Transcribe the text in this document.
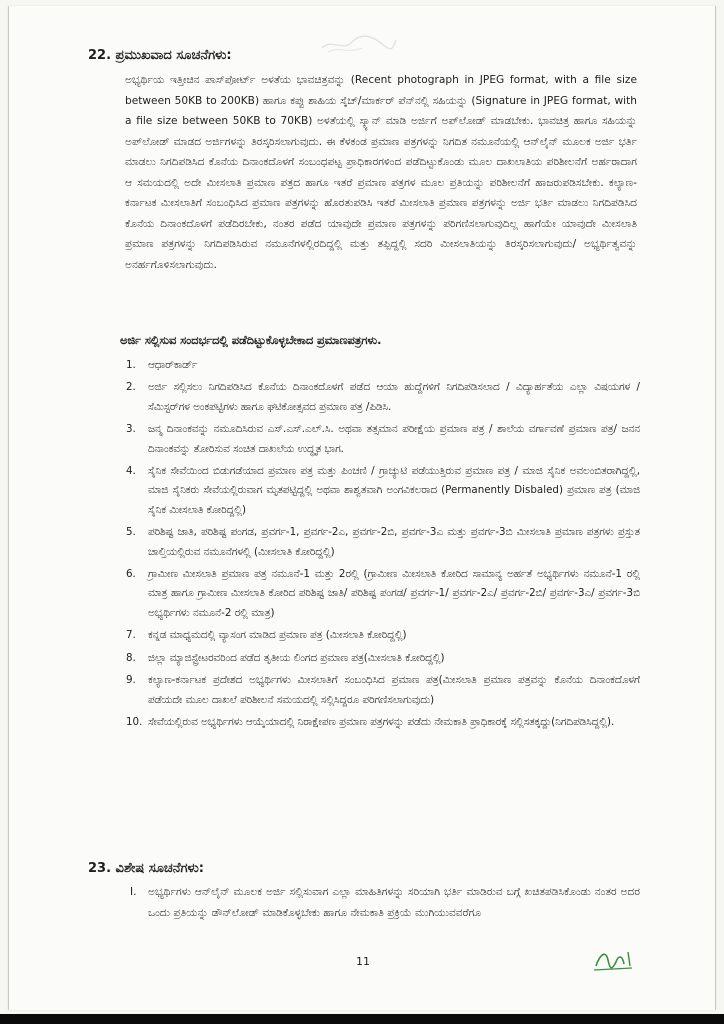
22. ಪ್ರಮುಖವಾದ ಸೂಚನೆಗಳು:
ಅಭ್ಯರ್ಥಿಯ ಇತ್ತೀಚಿನ ಪಾಸ್‌ಪೋರ್ಟ್ ಅಳತೆಯ ಭಾವಚಿತ್ರವನ್ನು (Recent photograph in JPEG format, with a file size between 50KB to 200KB) ಹಾಗೂ ಕಪ್ಪು ಶಾಹಿಯ ಸ್ಕೆಚ್/ಮಾರ್ಕರ್ ಪೆನ್‌ನಲ್ಲಿ ಸಹಿಯನ್ನು (Signature in JPEG format, with a file size between 50KB to 70KB) ಅಳತೆಯಲ್ಲಿ ಸ್ಕ್ಯಾನ್ ಮಾಡಿ ಅರ್ಜಿಗೆ ಅಪ್‌ಲೋಡ್ ಮಾಡಬೇಕು. ಭಾವಚಿತ್ರ ಹಾಗೂ ಸಹಿಯನ್ನು ಅಪ್‌ಲೋಡ್ ಮಾಡದ ಅರ್ಜಿಗಳನ್ನು ತಿರಸ್ಕರಿಸಲಾಗುವುದು. ಈ ಕೆಳಕಂಡ ಪ್ರಮಾಣ ಪತ್ರಗಳನ್ನು ನಿಗದಿತ ನಮೂನೆಯಲ್ಲಿ ಆನ್‌ಲೈನ್ ಮೂಲಕ ಅರ್ಜಿ ಭರ್ತಿ ಮಾಡಲು ನಿಗದಿಪಡಿಸಿದ ಕೊನೆಯ ದಿನಾಂಕದೊಳಗೆ ಸಂಬಂಧಪಟ್ಟ ಪ್ರಾಧಿಕಾರಗಳಿಂದ ಪಡೆದಿಟ್ಟುಕೊಂಡು ಮೂಲ ದಾಖಲಾತಿಯ ಪರಿಶೀಲನೆಗೆ ಅರ್ಹರಾದಾಗ ಆ ಸಮಯದಲ್ಲಿ ಅದೇ ಮೀಸಲಾತಿ ಪ್ರಮಾಣ ಪತ್ರದ ಹಾಗೂ ಇತರೆ ಪ್ರಮಾಣ ಪತ್ರಗಳ ಮೂಲ ಪ್ರತಿಯನ್ನು ಪರಿಶೀಲನೆಗೆ ಹಾಜರುಪಡಿಸಬೇಕು. ಕಲ್ಯಾಣ-ಕರ್ನಾಟಕ ಮೀಸಲಾತಿಗೆ ಸಂಬಂಧಿಸಿದ ಪ್ರಮಾಣ ಪತ್ರಗಳನ್ನು ಹೊರತುಪಡಿಸಿ ಇತರೆ ಮೀಸಲಾತಿ ಪ್ರಮಾಣ ಪತ್ರಗಳನ್ನು ಅರ್ಜಿ ಭರ್ತಿ ಮಾಡಲು ನಿಗದಿಪಡಿಸಿದ ಕೊನೆಯ ದಿನಾಂಕದೊಳಗೆ ಪಡೆದಿರಬೇಕು, ನಂತರ ಪಡೆದ ಯಾವುದೇ ಪ್ರಮಾಣ ಪತ್ರಗಳನ್ನು ಪರಿಗಣಿಸಲಾಗುವುದಿಲ್ಲ ಹಾಗೆಯೇ ಯಾವುದೇ ಮೀಸಲಾತಿ ಪ್ರಮಾಣ ಪತ್ರಗಳನ್ನು ನಿಗದಿಪಡಿಸಿರುವ ನಮೂನೆಗಳಲ್ಲಿರದಿದ್ದಲ್ಲಿ ಮತ್ತು ತಪ್ಪಿದ್ದಲ್ಲಿ ಸದರಿ ಮೀಸಲಾತಿಯನ್ನು ತಿರಸ್ಕರಿಸಲಾಗುವುದು/ ಅಭ್ಯರ್ಥಿತ್ವವನ್ನು ಅನರ್ಹಗೊಳಿಸಲಾಗುವುದು.
ಅರ್ಜಿ ಸಲ್ಲಿಸುವ ಸಂದರ್ಭದಲ್ಲಿ ಪಡೆದಿಟ್ಟುಕೊಳ್ಳಬೇಕಾದ ಪ್ರಮಾಣಪತ್ರಗಳು.
1. ಆಧಾರ್‌ಕಾರ್ಡ್
2. ಅರ್ಜಿ ಸಲ್ಲಿಸಲು ನಿಗದಿಪಡಿಸಿದ ಕೊನೆಯ ದಿನಾಂಕದೊಳಗೆ ಪಡೆದ ಆಯಾ ಹುದ್ದೆಗಳಿಗೆ ನಿಗದಿಪಡಿಸಲಾದ / ವಿದ್ಯಾರ್ಹತೆಯ ಎಲ್ಲಾ ವಿಷಯಗಳ / ಸೆಮಿಸ್ಟರ್‌ಗಳ ಅಂಕಪಟ್ಟಿಗಳು ಹಾಗೂ ಘಟಿಕೋತ್ಸವದ ಪ್ರಮಾಣ ಪತ್ರ /ಪಿಡಿಸಿ.
3. ಜನ್ಮ ದಿನಾಂಕವನ್ನು ನಮೂದಿಸಿರುವ ಎಸ್.ಎಸ್.ಎಲ್.ಸಿ. ಅಥವಾ ತತ್ಸಮಾನ ಪರೀಕ್ಷೆಯ ಪ್ರಮಾಣ ಪತ್ರ / ಶಾಲೆಯ ವರ್ಗಾವಣೆ ಪ್ರಮಾಣ ಪತ್ರ/ ಜನನ ದಿನಾಂಕವನ್ನು ತೋರಿಸುವ ಸಂಚಿತ ದಾಖಲೆಯ ಉದ್ಧೃತ ಭಾಗ.
4. ಸೈನಿಕ ಸೇವೆಯಿಂದ ಬಿಡುಗಡೆಯಾದ ಪ್ರಮಾಣ ಪತ್ರ ಮತ್ತು ಪಿಂಚಣಿ / ಗ್ರಾಚ್ಯುಟಿ ಪಡೆಯುತ್ತಿರುವ ಪ್ರಮಾಣ ಪತ್ರ / ಮಾಜಿ ಸೈನಿಕ ಅವಲಂಬಿತರಾಗಿದ್ದಲ್ಲಿ, ಮಾಜಿ ಸೈನಿಕರು ಸೇವೆಯಲ್ಲಿರುವಾಗ ಮೃತಪಟ್ಟಿದ್ದಲ್ಲಿ ಅಥವಾ ಶಾಶ್ವತವಾಗಿ ಅಂಗವಿಕಲರಾದ (Permanently Disbaled) ಪ್ರಮಾಣ ಪತ್ರ (ಮಾಜಿ ಸೈನಿಕ ಮೀಸಲಾತಿ ಕೋರಿದ್ದಲ್ಲಿ)
5. ಪರಿಶಿಷ್ಟ ಜಾತಿ, ಪರಿಶಿಷ್ಟ ಪಂಗಡ, ಪ್ರವರ್ಗ-1, ಪ್ರವರ್ಗ-2ಎ, ಪ್ರವರ್ಗ-2ಬಿ, ಪ್ರವರ್ಗ-3ಎ ಮತ್ತು ಪ್ರವರ್ಗ-3ಬಿ ಮೀಸಲಾತಿ ಪ್ರಮಾಣ ಪತ್ರಗಳು ಪ್ರಸ್ತುತ ಚಾಲ್ತಿಯಲ್ಲಿರುವ ನಮೂನೆಗಳಲ್ಲಿ (ಮೀಸಲಾತಿ ಕೋರಿದ್ದಲ್ಲಿ)
6. ಗ್ರಾಮೀಣ ಮೀಸಲಾತಿ ಪ್ರಮಾಣ ಪತ್ರ ನಮೂನೆ-1 ಮತ್ತು 2ರಲ್ಲಿ (ಗ್ರಾಮೀಣ ಮೀಸಲಾತಿ ಕೋರಿದ ಸಾಮಾನ್ಯ ಅರ್ಹತೆ ಅಭ್ಯರ್ಥಿಗಳು ನಮೂನೆ-1 ರಲ್ಲಿ ಮಾತ್ರ ಹಾಗೂ ಗ್ರಾಮೀಣ ಮೀಸಲಾತಿ ಕೋರಿದ ಪರಿಶಿಷ್ಟ ಜಾತಿ/ ಪರಿಶಿಷ್ಟ ಪಂಗಡ/ ಪ್ರವರ್ಗ-1/ ಪ್ರವರ್ಗ-2ಎ/ ಪ್ರವರ್ಗ-2ಬಿ/ ಪ್ರವರ್ಗ-3ಎ/ ಪ್ರವರ್ಗ-3ಬಿ ಅಭ್ಯರ್ಥಿಗಳು ನಮೂನೆ-2 ರಲ್ಲಿ ಮಾತ್ರ)
7. ಕನ್ನಡ ಮಾಧ್ಯಮದಲ್ಲಿ ವ್ಯಾಸಂಗ ಮಾಡಿದ ಪ್ರಮಾಣ ಪತ್ರ (ಮೀಸಲಾತಿ ಕೋರಿದ್ದಲ್ಲಿ)
8. ಜಿಲ್ಲಾ ಮ್ಯಾಜಿಸ್ಟ್ರೇಟರವರಿಂದ ಪಡೆದ ತೃತೀಯ ಲಿಂಗದ ಪ್ರಮಾಣ ಪತ್ರ(ಮೀಸಲಾತಿ ಕೋರಿದ್ದಲ್ಲಿ)
9. ಕಲ್ಯಾಣ-ಕರ್ನಾಟಕ ಪ್ರದೇಶದ ಅಭ್ಯರ್ಥಿಗಳು ಮೀಸಲಾತಿಗೆ ಸಂಬಂಧಿಸಿದ ಪ್ರಮಾಣ ಪತ್ರ(ಮೀಸಲಾತಿ ಪ್ರಮಾಣ ಪತ್ರವನ್ನು ಕೊನೆಯ ದಿನಾಂಕದೊಳಗೆ ಪಡೆಯದೇ ಮೂಲ ದಾಖಲೆ ಪರಿಶೀಲನೆ ಸಮಯದಲ್ಲಿ ಸಲ್ಲಿಸಿದ್ದರೂ ಪರಿಗಣಿಸಲಾಗುವುದು)
10. ಸೇವೆಯಲ್ಲಿರುವ ಅಭ್ಯರ್ಥಿಗಳು ಆಯ್ಕೆಯಾದಲ್ಲಿ ನಿರಾಕ್ಷೇಪಣ ಪ್ರಮಾಣ ಪತ್ರಗಳನ್ನು ಪಡೆದು ನೇಮಕಾತಿ ಪ್ರಾಧಿಕಾರಕ್ಕೆ ಸಲ್ಲಿಸತಕ್ಕದ್ದು(ನಿಗದಿಪಡಿಸಿದ್ದಲ್ಲಿ).
23. ವಿಶೇಷ ಸೂಚನೆಗಳು:
I. ಅಭ್ಯರ್ಥಿಗಳು ಆನ್‌ಲೈನ್ ಮೂಲಕ ಅರ್ಜಿ ಸಲ್ಲಿಸುವಾಗ ಎಲ್ಲಾ ಮಾಹಿತಿಗಳನ್ನು ಸರಿಯಾಗಿ ಭರ್ತಿ ಮಾಡಿರುವ ಬಗ್ಗೆ ಖಚಿತಪಡಿಸಿಕೊಂಡು ನಂತರ ಅದರ ಒಂದು ಪ್ರತಿಯನ್ನು ಡೌನ್‌ಲೋಡ್ ಮಾಡಿಕೊಳ್ಳಬೇಕು ಹಾಗೂ ನೇಮಕಾತಿ ಪ್ರಕ್ರಿಯೆ ಮುಗಿಯುವವರೆಗೂ
11
